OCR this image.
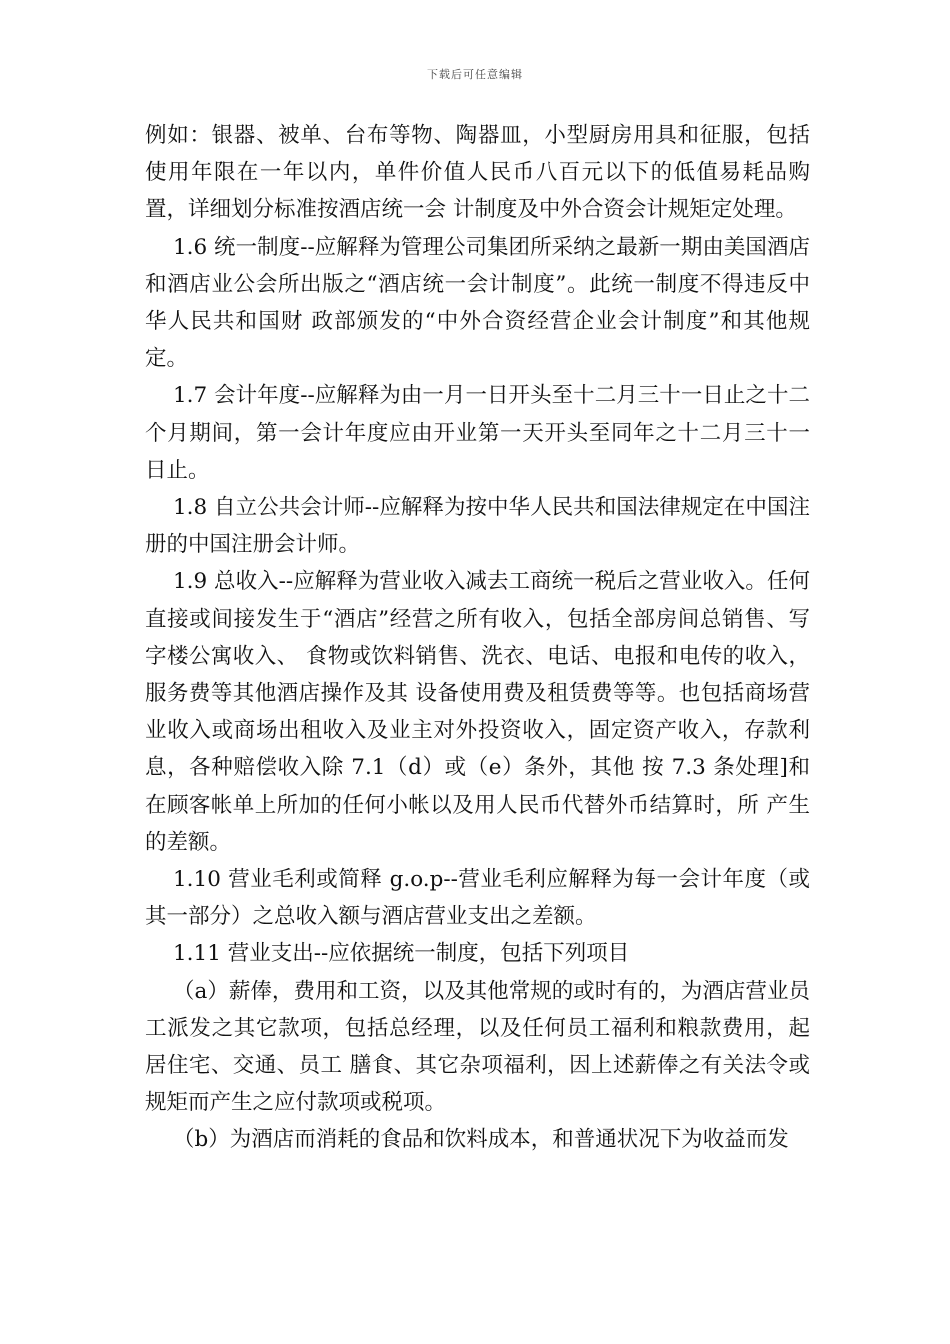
下载后可任意编辑

例如：银器、被单、台布等物、陶器皿，小型厨房用具和征服，包括使用年限在一年以内，单件价值人民币八百元以下的低值易耗品购置，详细划分标准按酒店统一会 计制度及中外合资会计规矩定处理。

1.6 统一制度--应解释为管理公司集团所采纳之最新一期由美国酒店和酒店业公会所出版之“酒店统一会计制度”。此统一制度不得违反中华人民共和国财 政部颁发的“中外合资经营企业会计制度”和其他规定。

1.7 会计年度--应解释为由一月一日开头至十二月三十一日止之十二个月期间，第一会计年度应由开业第一天开头至同年之十二月三十一日止。

1.8 自立公共会计师--应解释为按中华人民共和国法律规定在中国注册的中国注册会计师。

1.9 总收入--应解释为营业收入减去工商统一税后之营业收入。任何直接或间接发生于“酒店”经营之所有收入，包括全部房间总销售、写字楼公寓收入、 食物或饮料销售、洗衣、电话、电报和电传的收入，服务费等其他酒店操作及其 设备使用费及租赁费等等。也包括商场营业收入或商场出租收入及业主对外投资收入，固定资产收入，存款利息，各种赔偿收入除 7.1（d）或（e）条外，其他 按 7.3 条处理]和在顾客帐单上所加的任何小帐以及用人民币代替外币结算时，所 产生的差额。

1.10 营业毛利或简释 g.o.p--营业毛利应解释为每一会计年度（或其一部分）之总收入额与酒店营业支出之差额。

1.11 营业支出--应依据统一制度，包括下列项目

（a）薪俸，费用和工资，以及其他常规的或时有的，为酒店营业员工派发之其它款项，包括总经理，以及任何员工福利和粮款费用，起居住宅、交通、员工 膳食、其它杂项福利，因上述薪俸之有关法令或规矩而产生之应付款项或税项。

（b）为酒店而消耗的食品和饮料成本，和普通状况下为收益而发
